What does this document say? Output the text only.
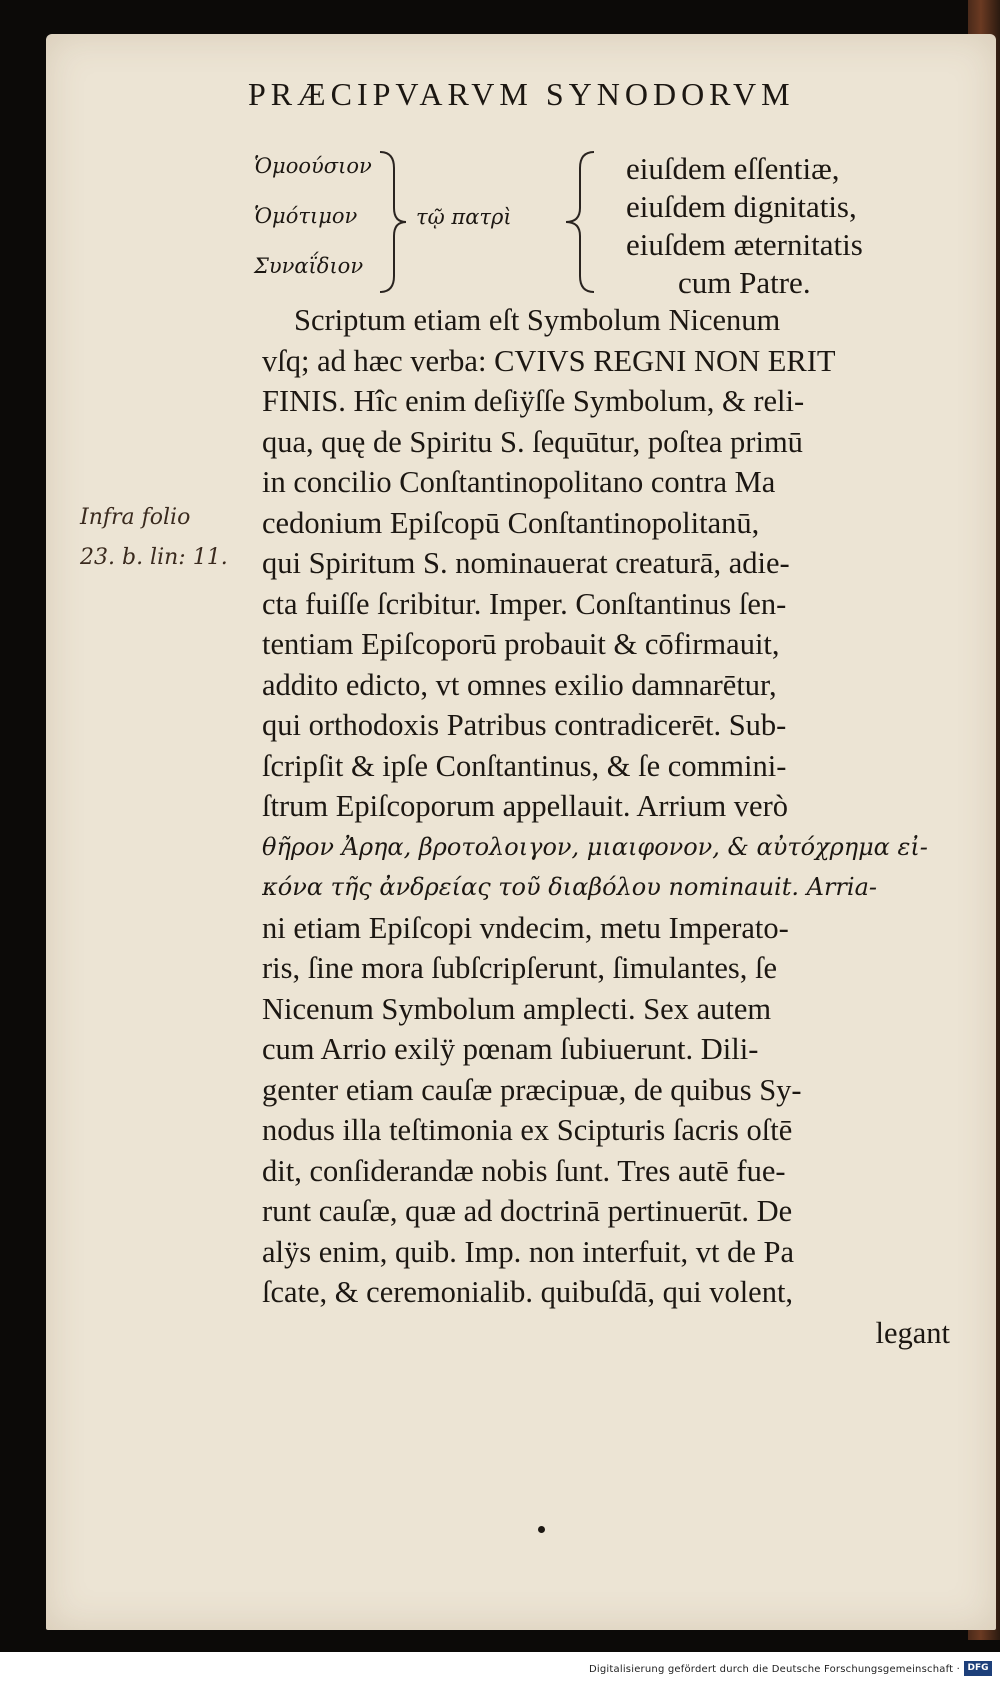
PRÆCIPVARVM SYNODORVM
Ὁμοούσιον
Ὁμότιμον
Συναΐδιον
τῷ πατρὶ
eiuſdem eſſentiæ,
eiuſdem dignitatis,
eiuſdem æternitatis
cum Patre.
Infra folio
23. b. lin: 11.
Scriptum etiam eſt Symbolum Nicenum
vſq; ad hæc verba: CVIVS REGNI NON ERIT
FINIS. Hîc enim deſiÿſſe Symbolum, & reli-
qua, quę de Spiritu S. ſequūtur, poſtea primū
in concilio Conſtantinopolitano contra Ma
cedonium Epiſcopū Conſtantinopolitanū,
qui Spiritum S. nominauerat creaturā, adie-
cta fuiſſe ſcribitur. Imper. Conſtantinus ſen-
tentiam Epiſcoporū probauit & cōfirmauit,
addito edicto, vt omnes exilio damnarētur,
qui orthodoxis Patribus contradicerēt. Sub-
ſcripſit & ipſe Conſtantinus, & ſe commini-
ſtrum Epiſcoporum appellauit. Arrium verò
θῆρον Ἀρηα, βροτολοιγον, μιαιφονον, & αὐτόχρημα εἰ-
κόνα τῆς ἀνδρείας τοῦ διαβόλου nominauit. Arria-
ni etiam Epiſcopi vndecim, metu Imperato-
ris, ſine mora ſubſcripſerunt, ſimulantes, ſe
Nicenum Symbolum amplecti. Sex autem
cum Arrio exilÿ pœnam ſubiuerunt. Dili-
genter etiam cauſæ præcipuæ, de quibus Sy-
nodus illa teſtimonia ex Scipturis ſacris oſtē
dit, conſiderandæ nobis ſunt. Tres autē fue-
runt cauſæ, quæ ad doctrinā pertinuerūt. De
alÿs enim, quib. Imp. non interfuit, vt de Pa
ſcate, & ceremonialib. quibuſdā, qui volent,
legant
Digitalisierung gefördert durch die Deutsche Forschungsgemeinschaft · DFG
